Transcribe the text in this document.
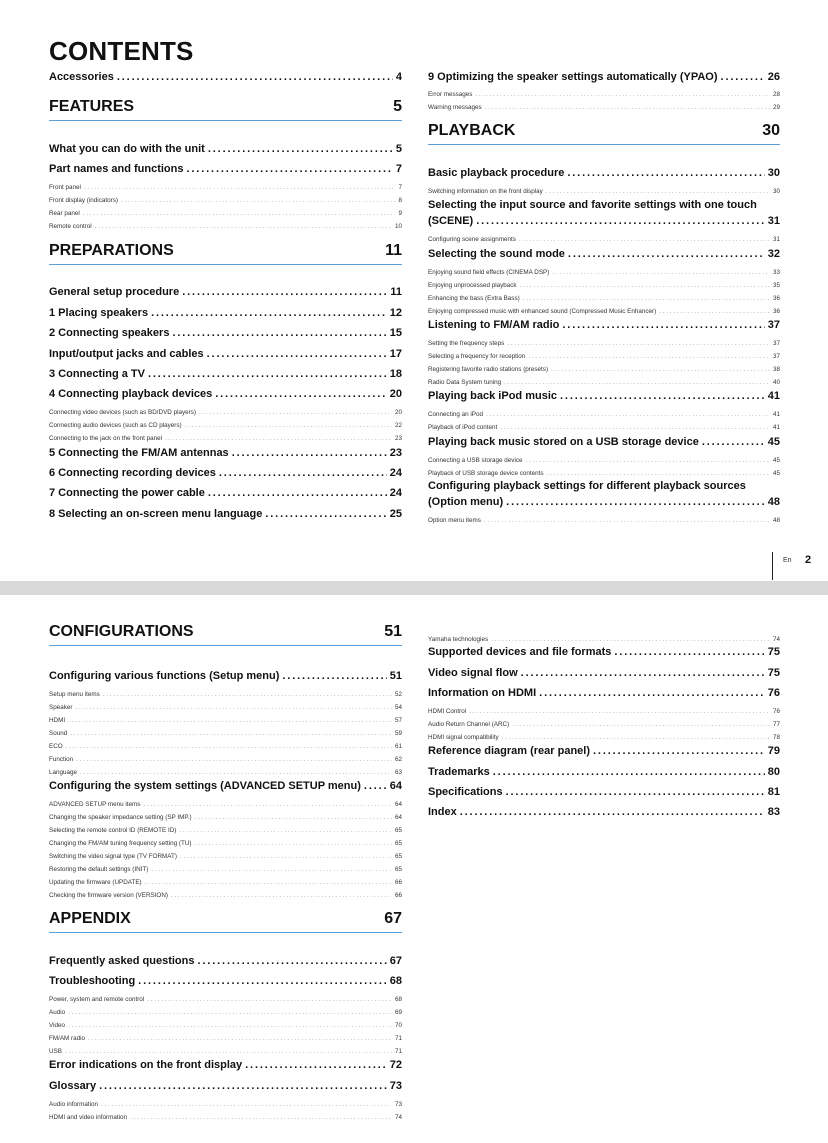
CONTENTS
Accessories . . .	4
FEATURES	5
What you can do with the unit . . .	5
Part names and functions . . .	7
Front panel . . .	7
Front display (indicators) . . .	8
Rear panel . . .	9
Remote control . . .	10
PREPARATIONS	11
General setup procedure . . .	11
1 Placing speakers . . .	12
2 Connecting speakers . . .	15
Input/output jacks and cables . . .	17
3 Connecting a TV . . .	18
4 Connecting playback devices . . .	20
Connecting video devices (such as BD/DVD players) . . .	20
Connecting audio devices (such as CD players) . . .	22
Connecting to the jack on the front panel . . .	23
5 Connecting the FM/AM antennas . . .	23
6 Connecting recording devices . . .	24
7 Connecting the power cable . . .	24
8 Selecting an on-screen menu language . . .	25
9 Optimizing the speaker settings automatically (YPAO) . . .	26
Error messages . . .	28
Warning messages . . .	29
PLAYBACK	30
Basic playback procedure . . .	30
Switching information on the front display . . .	30
Selecting the input source and favorite settings with one touch
(SCENE) . . .	31
Configuring scene assignments . . .	31
Selecting the sound mode . . .	32
Enjoying sound field effects (CINEMA DSP) . . .	33
Enjoying unprocessed playback . . .	35
Enhancing the bass (Extra Bass) . . .	36
Enjoying compressed music with enhanced sound (Compressed Music Enhancer) . . .	36
Listening to FM/AM radio . . .	37
Setting the frequency steps . . .	37
Selecting a frequency for reception . . .	37
Registering favorite radio stations (presets) . . .	38
Radio Data System tuning . . .	40
Playing back iPod music . . .	41
Connecting an iPod . . .	41
Playback of iPod content . . .	41
Playing back music stored on a USB storage device . . .	45
Connecting a USB storage device . . .	45
Playback of USB storage device contents . . .	45
Configuring playback settings for different playback sources
(Option menu) . . .	48
Option menu items . . .	48
En 2
CONFIGURATIONS	51
Configuring various functions (Setup menu) . . .	51
Setup menu items . . .	52
Speaker . . .	54
HDMI . . .	57
Sound . . .	59
ECO . . .	61
Function . . .	62
Language . . .	63
Configuring the system settings (ADVANCED SETUP menu) . . .	64
ADVANCED SETUP menu items . . .	64
Changing the speaker impedance setting (SP IMP.) . . .	64
Selecting the remote control ID (REMOTE ID) . . .	65
Changing the FM/AM tuning frequency setting (TU) . . .	65
Switching the video signal type (TV FORMAT) . . .	65
Restoring the default settings (INIT) . . .	65
Updating the firmware (UPDATE) . . .	66
Checking the firmware version (VERSION) . . .	66
APPENDIX	67
Frequently asked questions . . .	67
Troubleshooting . . .	68
Power, system and remote control . . .	68
Audio . . .	69
Video . . .	70
FM/AM radio . . .	71
USB . . .	71
Error indications on the front display . . .	72
Glossary . . .	73
Audio information . . .	73
HDMI and video information . . .	74
Yamaha technologies . . .	74
Supported devices and file formats . . .	75
Video signal flow . . .	75
Information on HDMI . . .	76
HDMI Control . . .	76
Audio Return Channel (ARC) . . .	77
HDMI signal compatibility . . .	78
Reference diagram (rear panel) . . .	79
Trademarks . . .	80
Specifications . . .	81
Index . . .	83
